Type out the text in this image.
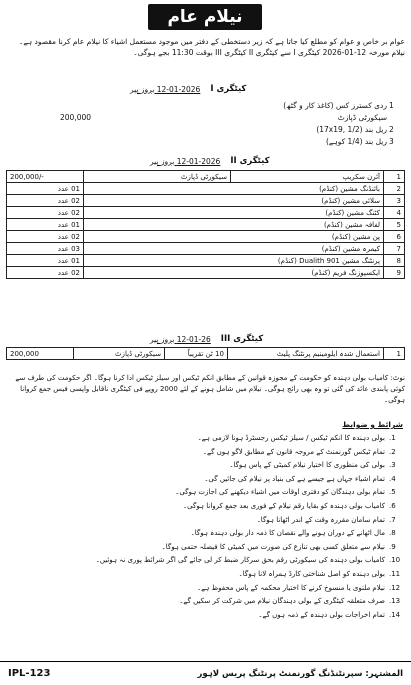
نیلام عام
عوام بر خاص و عوام کو مطلع کیا جاتا ہے کہ زیر دستخطی کے دفتر میں موجود مستعمل اشیاء کا نیلام عام کرنا مقصود ہے۔ نیلام مورخہ 12-01-2026 کیٹگری I سے کیٹگری II کیٹگری III بوقت 11:30 بجے ہوگی۔
کیٹگری I
12-01-2026 بروز پیر
1
ردی کسترز کس (کاغذ کار و گٹھ)
سیکورٹی ڈپازٹ
200,000
2
ریل بند (17x19, 1/2)
3
ریل بند (1/4 کوہے)
کیٹگری II
12-01-2026 بروز پیر
1	آئرن سکریپ	سیکورٹی ڈپازٹ	200,000/-
2	بائنڈنگ مشین (کنڈم)		01 عدد
3	سلائی مشین (کنڈم)		02 عدد
4	کٹنگ مشین (کنڈم)		02 عدد
5	لفافہ مشین (کنڈم)		01 عدد
6	پن مشین (کنڈم)		02 عدد
7	کیمرہ مشین (کنڈم)		03 عدد
8	پرنٹنگ مشین 901 Dualith (کنڈم)		01 عدد
9	ایکسپوزنگ فریم (کنڈم)		02 عدد
کیٹگری III
12-01-26 بروز پیر
1	استعمال شدہ ایلومینیم پرنٹنگ پلیٹ	10 ٹن تقریباً	سیکورٹی ڈپازٹ	200,000
نوٹ: کامیاب بولی دہندہ کو حکومت کے مجوزہ قوانین کے مطابق انکم ٹیکس اور سیلز ٹیکس ادا کرنا ہوگا۔ اگر حکومت کی طرف سے کوئی پابندی عائد کی گئی تو وہ بھی رائج ہوگی۔ نیلام میں شامل ہونے کے لئے 2000 روپے فی کیٹگری ناقابل واپسی فیس جمع کروانا ہوگی۔
شرائط و ضوابط
.1
بولی دہندہ کا انکم ٹیکس / سیلز ٹیکس رجسٹرڈ ہونا لازمی ہے۔
.2
تمام ٹیکس گورنمنٹ کے مروجہ قانون کے مطابق لاگو ہوں گے۔
.3
بولی کی منظوری کا اختیار نیلام کمیٹی کے پاس ہوگا۔
.4
تمام اشیاء جہاں ہے جیسے ہے کی بنیاد پر نیلام کی جائیں گی۔
.5
تمام بولی دہندگان کو دفتری اوقات میں اشیاء دیکھنے کی اجازت ہوگی۔
.6
کامیاب بولی دہندہ کو بقایا رقم نیلام کے فوری بعد جمع کروانا ہوگی۔
.7
تمام سامان مقررہ وقت کے اندر اٹھانا ہوگا۔
.8
مال اٹھانے کے دوران ہونے والے نقصان کا ذمہ دار بولی دہندہ ہوگا۔
.9
نیلام سے متعلق کسی بھی تنازع کی صورت میں کمیٹی کا فیصلہ حتمی ہوگا۔
.10
کامیاب بولی دہندہ کی سیکورٹی رقم بحق سرکار ضبط کر لی جائے گی اگر شرائط پوری نہ ہوئیں۔
.11
بولی دہندہ کو اصل شناختی کارڈ ہمراہ لانا ہوگا۔
.12
نیلام ملتوی یا منسوخ کرنے کا اختیار محکمہ کے پاس محفوظ ہے۔
.13
صرف متعلقہ کیٹگری کے بولی دہندگان نیلام میں شرکت کر سکیں گے۔
.14
تمام اخراجات بولی دہندہ کے ذمہ ہوں گے۔
المشتہر: سپرنٹنڈنگ گورنمنٹ پرنٹنگ پریس لاہور
IPL-123
